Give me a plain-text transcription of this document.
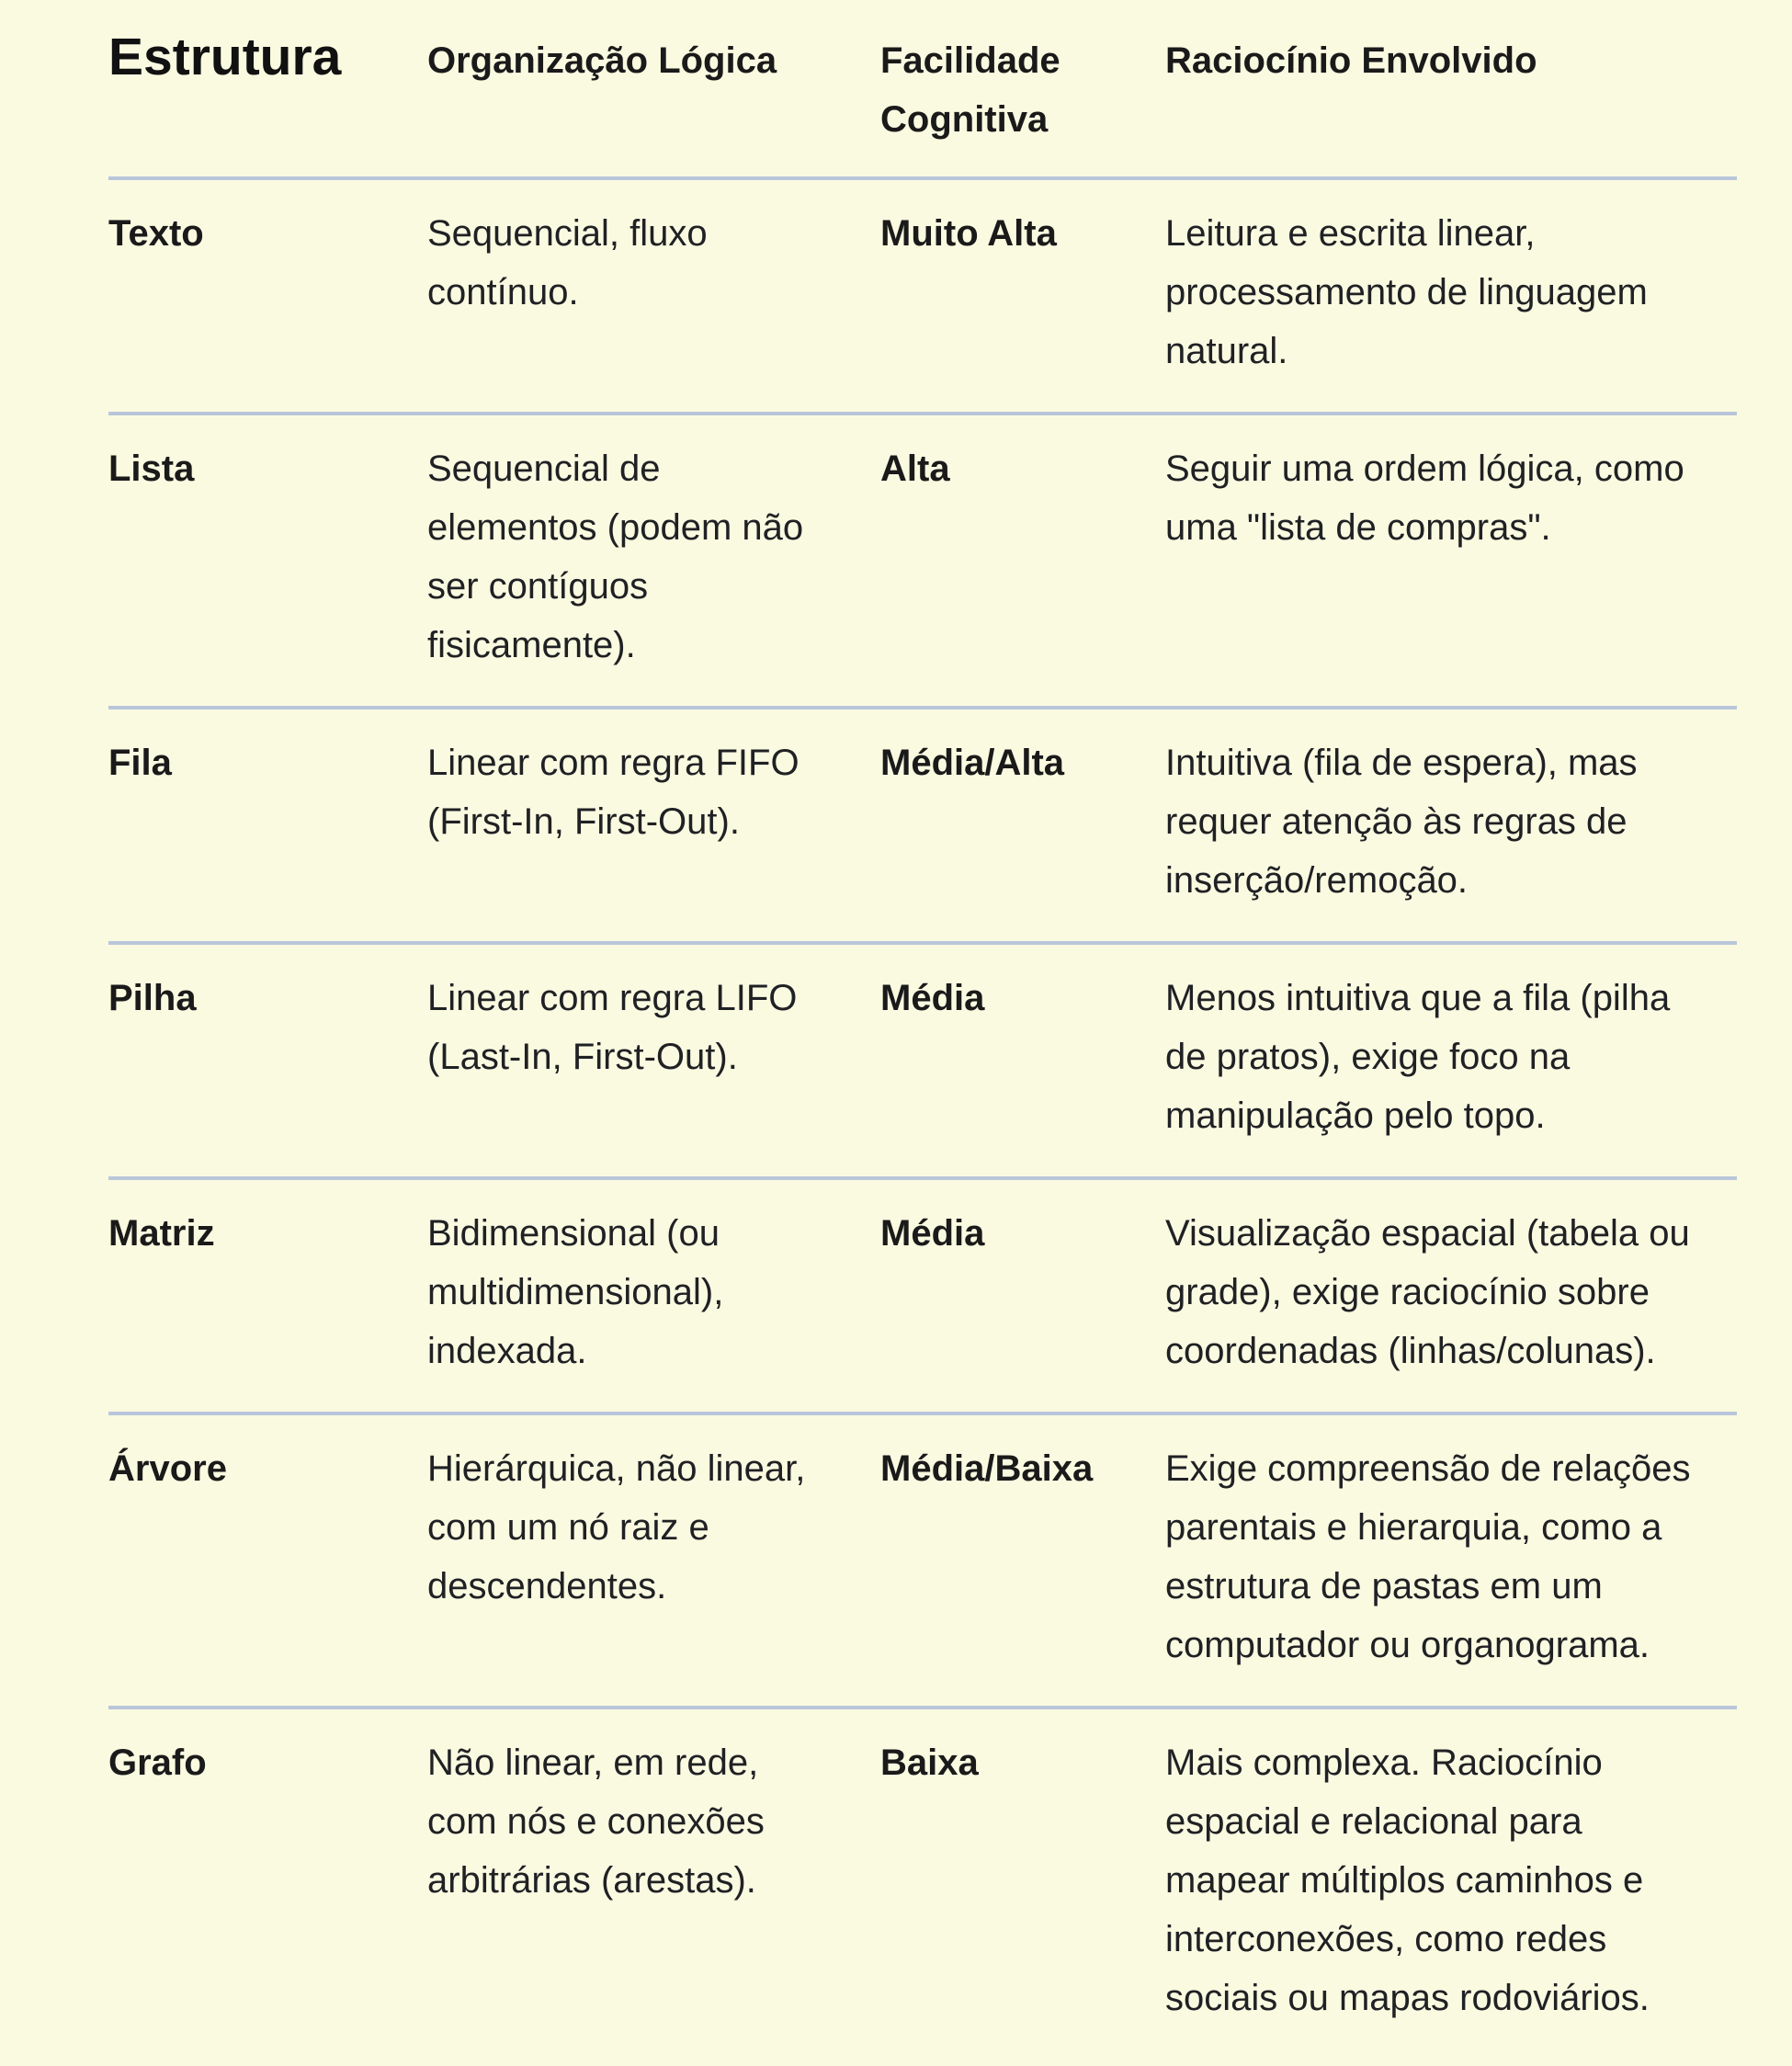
Estrutura	Organização Lógica	Facilidade Cognitiva	Raciocínio Envolvido
Texto	Sequencial, fluxo contínuo.	Muito Alta	Leitura e escrita linear, processamento de linguagem natural.
Lista	Sequencial de elementos (podem não ser contíguos fisicamente).	Alta	Seguir uma ordem lógica, como uma "lista de compras".
Fila	Linear com regra FIFO (First-In, First-Out).	Média/Alta	Intuitiva (fila de espera), mas requer atenção às regras de inserção/remoção.
Pilha	Linear com regra LIFO (Last-In, First-Out).	Média	Menos intuitiva que a fila (pilha de pratos), exige foco na manipulação pelo topo.
Matriz	Bidimensional (ou multidimensional), indexada.	Média	Visualização espacial (tabela ou grade), exige raciocínio sobre coordenadas (linhas/colunas).
Árvore	Hierárquica, não linear, com um nó raiz e descendentes.	Média/Baixa	Exige compreensão de relações parentais e hierarquia, como a estrutura de pastas em um computador ou organograma.
Grafo	Não linear, em rede, com nós e conexões arbitrárias (arestas).	Baixa	Mais complexa. Raciocínio espacial e relacional para mapear múltiplos caminhos e interconexões, como redes sociais ou mapas rodoviários.
